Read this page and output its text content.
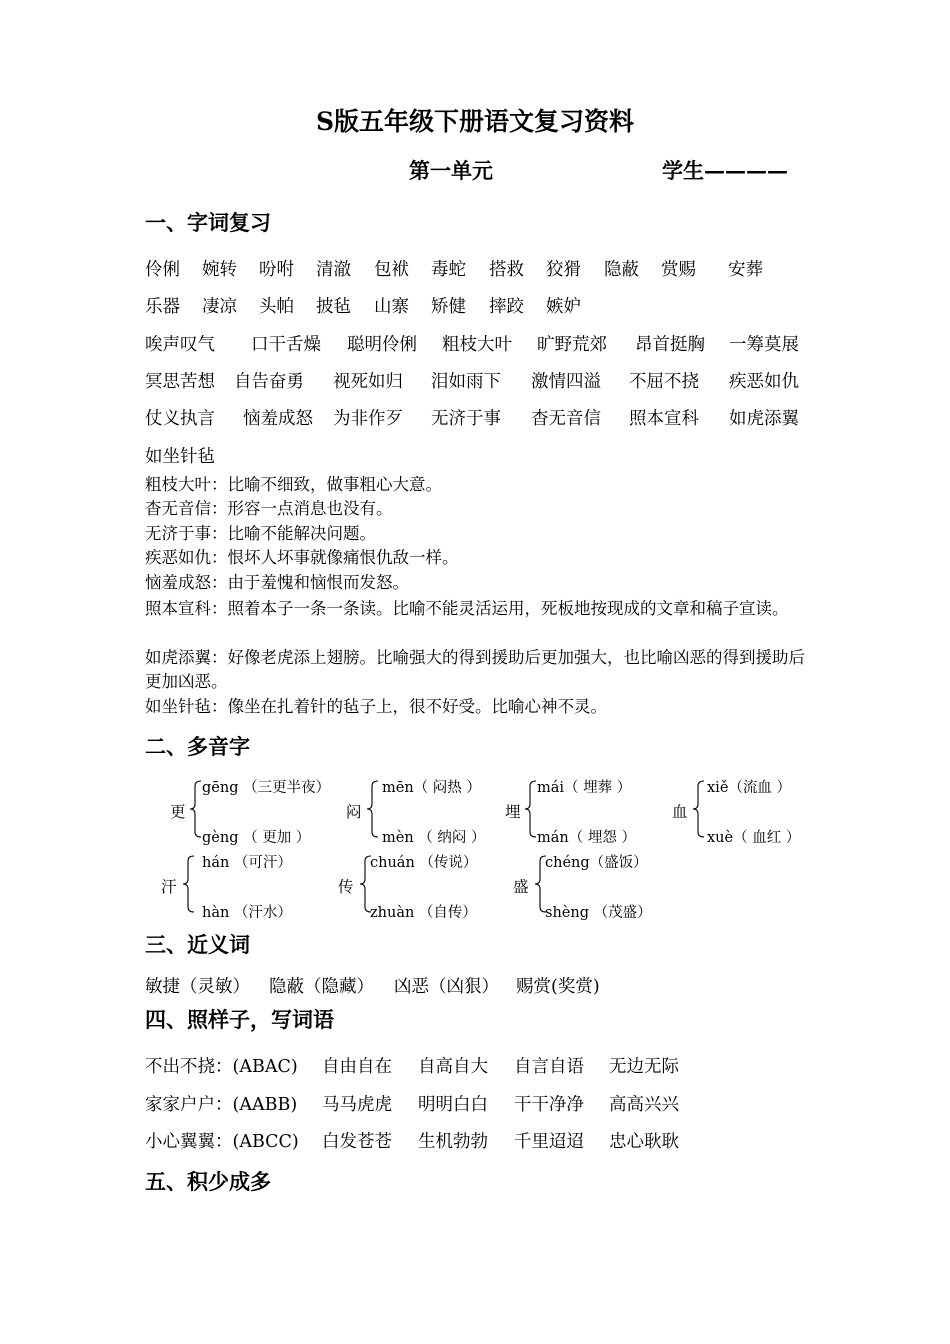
S版五年级下册语文复习资料
第一单元	学生————
一、字词复习
伶俐 婉转 吩咐 清澈 包袱 毒蛇 搭救 狡猾 隐蔽 赏赐 安葬
乐器 凄凉 头帕 披毡 山寨 矫健 摔跤 嫉妒
唉声叹气 口干舌燥 聪明伶俐 粗枝大叶 旷野荒郊 昂首挺胸 一筹莫展
冥思苦想 自告奋勇 视死如归 泪如雨下 激情四溢 不屈不挠 疾恶如仇
仗义执言 恼羞成怒 为非作歹 无济于事 杳无音信 照本宣科 如虎添翼
如坐针毡
粗枝大叶：比喻不细致，做事粗心大意。
杳无音信：形容一点消息也没有。
无济于事：比喻不能解决问题。
疾恶如仇：恨坏人坏事就像痛恨仇敌一样。
恼羞成怒：由于羞愧和恼恨而发怒。
照本宣科：照着本子一条一条读。比喻不能灵活运用，死板地按现成的文章和稿子宣读。
如虎添翼：好像老虎添上翅膀。比喻强大的得到援助后更加强大，也比喻凶恶的得到援助后更加凶恶。
如坐针毡：像坐在扎着针的毡子上，很不好受。比喻心神不灵。
二、多音字
更
gēng （三更半夜）
gèng （ 更加 ）
闷
mēn（ 闷热 ）
mèn （ 纳闷 ）
埋
mái（ 埋葬 ）
mán（ 埋怨 ）
血
xiě（流血 ）
xuè（ 血红 ）
汗
hán （可汗）
hàn （汗水）
传
chuán （传说）
zhuàn （自传）
盛
chéng（盛饭）
shèng （茂盛）
三、近义词
敏捷（灵敏） 隐蔽（隐藏） 凶恶（凶狠） 赐赏(奖赏)
四、照样子，写词语
不出不挠：(ABAC) 自由自在 自高自大 自言自语 无边无际
家家户户：(AABB) 马马虎虎 明明白白 干干净净 高高兴兴
小心翼翼：(ABCC) 白发苍苍 生机勃勃 千里迢迢 忠心耿耿
五、积少成多
